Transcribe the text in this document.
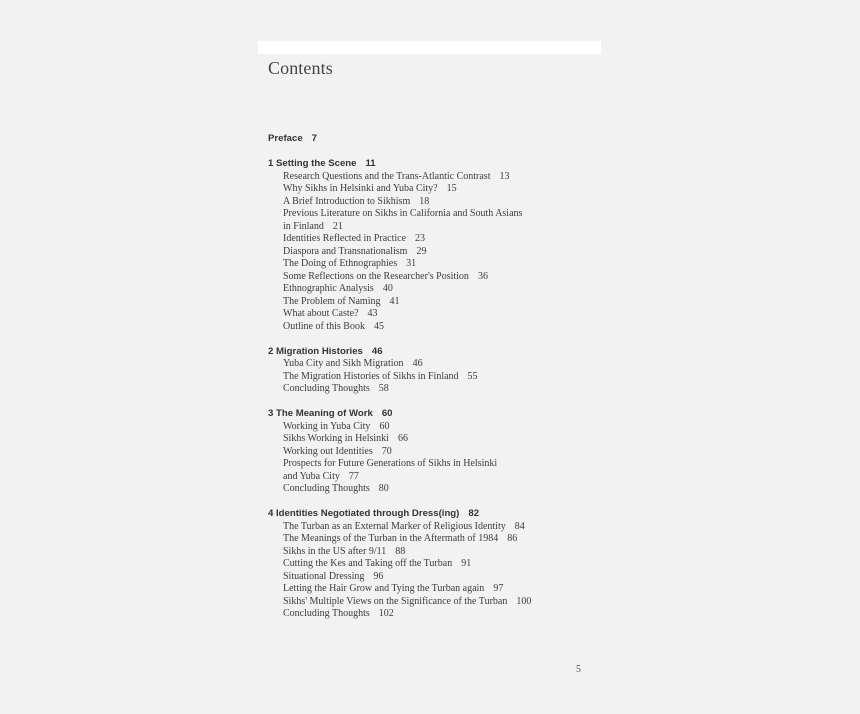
Contents
Preface 7
1 Setting the Scene 11
Research Questions and the Trans-Atlantic Contrast 13
Why Sikhs in Helsinki and Yuba City? 15
A Brief Introduction to Sikhism 18
Previous Literature on Sikhs in California and South Asians
in Finland 21
Identities Reflected in Practice 23
Diaspora and Transnationalism 29
The Doing of Ethnographies 31
Some Reflections on the Researcher's Position 36
Ethnographic Analysis 40
The Problem of Naming 41
What about Caste? 43
Outline of this Book 45
2 Migration Histories 46
Yuba City and Sikh Migration 46
The Migration Histories of Sikhs in Finland 55
Concluding Thoughts 58
3 The Meaning of Work 60
Working in Yuba City 60
Sikhs Working in Helsinki 66
Working out Identities 70
Prospects for Future Generations of Sikhs in Helsinki
and Yuba City 77
Concluding Thoughts 80
4 Identities Negotiated through Dress(ing) 82
The Turban as an External Marker of Religious Identity 84
The Meanings of the Turban in the Aftermath of 1984 86
Sikhs in the US after 9/11 88
Cutting the Kes and Taking off the Turban 91
Situational Dressing 96
Letting the Hair Grow and Tying the Turban again 97
Sikhs' Multiple Views on the Significance of the Turban 100
Concluding Thoughts 102
5
